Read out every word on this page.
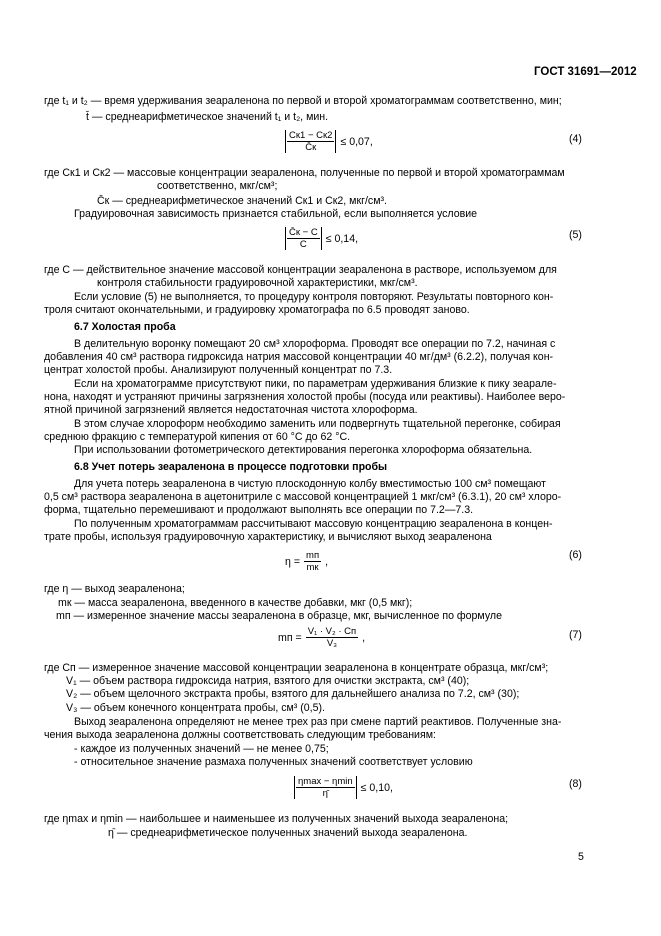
ГОСТ 31691—2012
где t₁ и t₂ — время удерживания зеараленона по первой и второй хроматограммам соответственно, мин;
t̄ — среднеарифметическое значений t₁ и t₂, мин.
$\frac{Cк1 - Cк2}{C̄к} \le 0,07$,	(4)
где Cк1 и Cк2 — массовые концентрации зеараленона, полученные по первой и второй хроматограммам
соответственно, мкг/см³;
C̄к — среднеарифметическое значений Cк1 и Cк2, мкг/см³.
Градуировочная зависимость признается стабильной, если выполняется условие
$\frac{C̄к - C}{C} \le 0,14$,	(5)
где C — действительное значение массовой концентрации зеараленона в растворе, используемом для
контроля стабильности градуировочной характеристики, мкг/см³.
Если условие (5) не выполняется, то процедуру контроля повторяют. Результаты повторного кон-
троля считают окончательными, и градуировку хроматографа по 6.5 проводят заново.
6.7 Холостая проба
В делительную воронку помещают 20 см³ хлороформа. Проводят все операции по 7.2, начиная с
добавления 40 см³ раствора гидроксида натрия массовой концентрации 40 мг/дм³ (6.2.2), получая кон-
центрат холостой пробы. Анализируют полученный концентрат по 7.3.
Если на хроматограмме присутствуют пики, по параметрам удерживания близкие к пику зеарале-
нона, находят и устраняют причины загрязнения холостой пробы (посуда или реактивы). Наиболее веро-
ятной причиной загрязнений является недостаточная чистота хлороформа.
В этом случае хлороформ необходимо заменить или подвергнуть тщательной перегонке, собирая
среднюю фракцию с температурой кипения от 60 °С до 62 °С.
При использовании фотометрического детектирования перегонка хлороформа обязательна.
6.8 Учет потерь зеараленона в процессе подготовки пробы
Для учета потерь зеараленона в чистую плоскодонную колбу вместимостью 100 см³ помещают
0,5 см³ раствора зеараленона в ацетонитриле с массовой концентрацией 1 мкг/см³ (6.3.1), 20 см³ хлоро-
форма, тщательно перемешивают и продолжают выполнять все операции по 7.2—7.3.
По полученным хроматограммам рассчитывают массовую концентрацию зеараленона в концен-
трате пробы, используя градуировочную характеристику, и вычисляют выход зеараленона
$\eta = \frac{mп}{mк}$ ,
(6)
где η — выход зеараленона;
mк — масса зеараленона, введенного в качестве добавки, мкг (0,5 мкг);
mп — измеренное значение массы зеараленона в образце, мкг, вычисленное по формуле
mп = $\frac{\text{V₁ · V₂ · Cп}}{\text{V₃}}$ ,	(7)
где Cп — измеренное значение массовой концентрации зеараленона в концентрате образца, мкг/см³;
V₁ — объем раствора гидроксида натрия, взятого для очистки экстракта, см³ (40);
V₂ — объем щелочного экстракта пробы, взятого для дальнейшего анализа по 7.2, см³ (30);
V₃ — объем конечного концентрата пробы, см³ (0,5).
Выход зеараленона определяют не менее трех раз при смене партий реактивов. Полученные зна-
чения выхода зеараленона должны соответствовать следующим требованиям:
- каждое из полученных значений — не менее 0,75;
- относительное значение размаха полученных значений соответствует условию
$\frac{\eta\max - \eta\min}{\etā} \le 0,10$,	(8)
где ηmax и ηmin — наибольшее и наименьшее из полученных значений выхода зеараленона;
η̄ — среднеарифметическое полученных значений выхода зеараленона.
5
